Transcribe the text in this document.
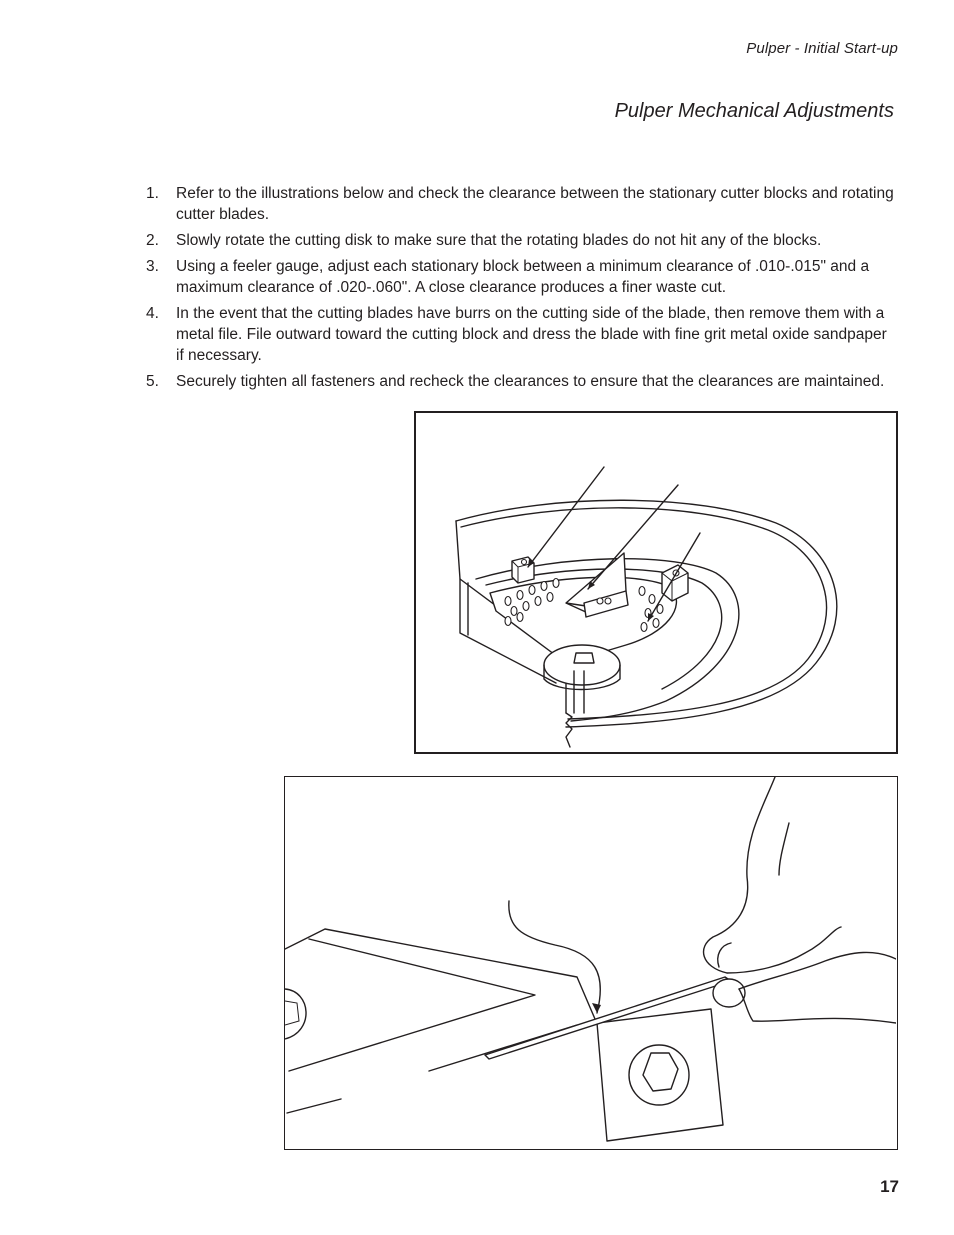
Pulper - Initial Start-up
Pulper Mechanical Adjustments
1. Refer to the illustrations below and check the clearance between the stationary cutter blocks and rotating cutter blades.
2. Slowly rotate the cutting disk to make sure that the rotating blades do not hit any of the blocks.
3. Using a feeler gauge, adjust each stationary block between a minimum clearance of .010-.015" and a maximum clearance of .020-.060". A close clearance produces a finer waste cut.
4. In the event that the cutting blades have burrs on the cutting side of the blade, then remove them with a metal file. File outward toward the cutting block and dress the blade with fine grit metal oxide sandpaper if necessary.
5. Securely tighten all fasteners and recheck the clearances to ensure that the clearances are maintained.
17
